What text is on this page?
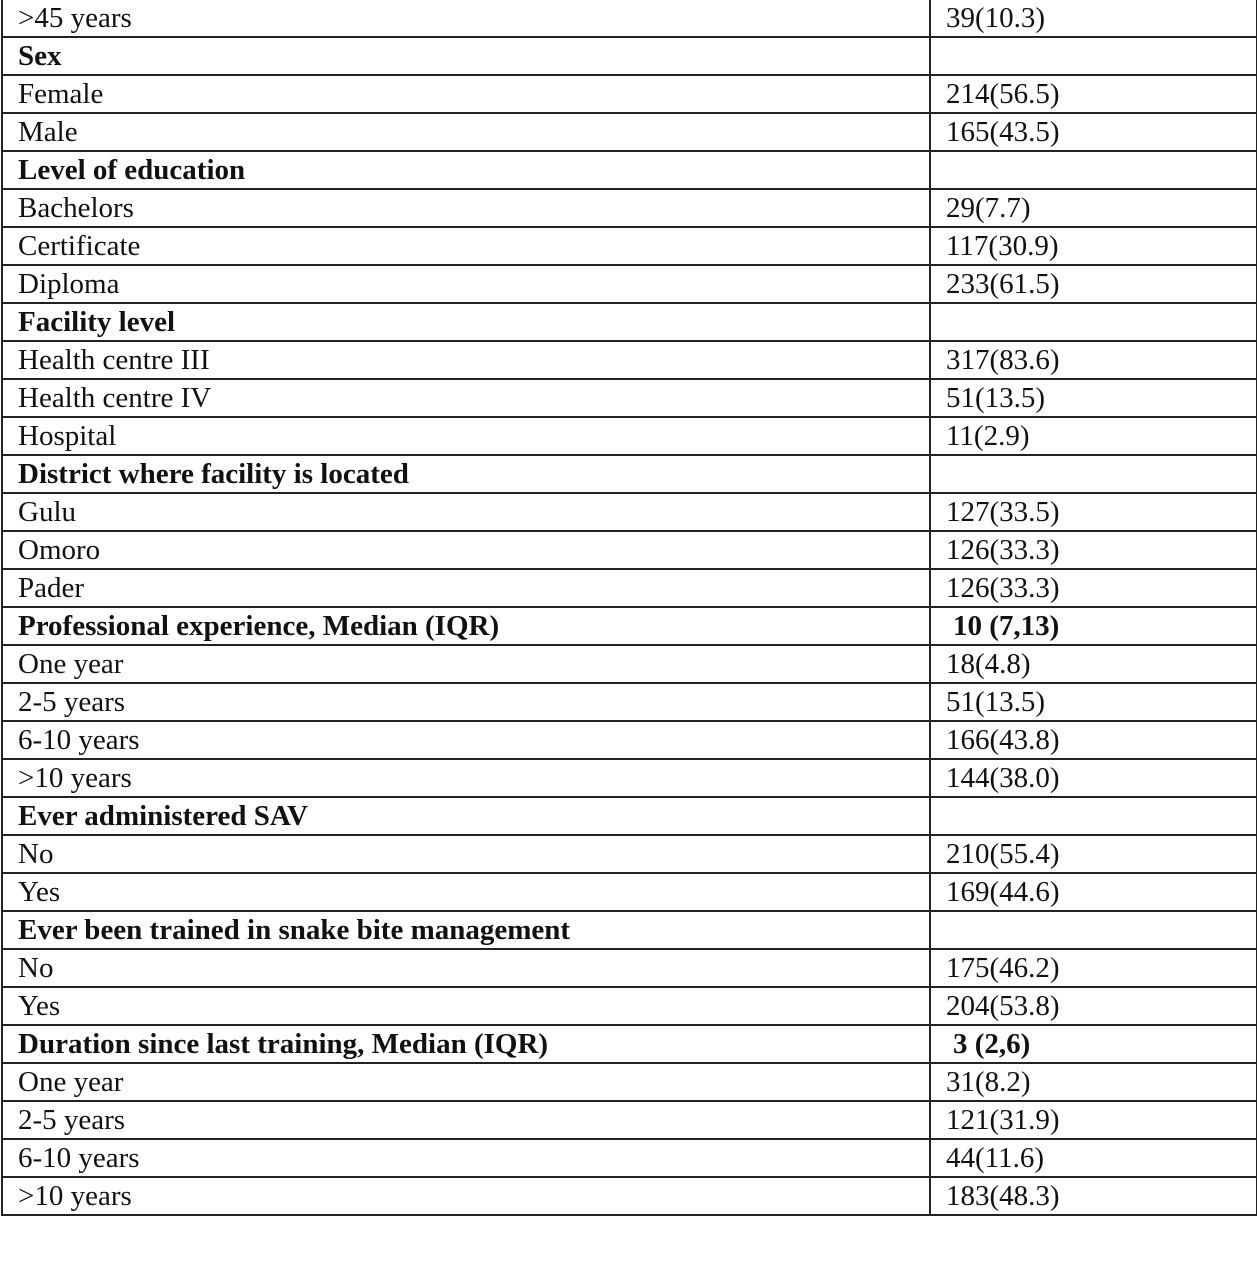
>45 years	39(10.3)
Sex	
Female	214(56.5)
Male	165(43.5)
Level of education	
Bachelors	29(7.7)
Certificate	117(30.9)
Diploma	233(61.5)
Facility level	
Health centre III	317(83.6)
Health centre IV	51(13.5)
Hospital	11(2.9)
District where facility is located	
Gulu	127(33.5)
Omoro	126(33.3)
Pader	126(33.3)
Professional experience, Median (IQR)	10 (7,13)
One year	18(4.8)
2-5 years	51(13.5)
6-10 years	166(43.8)
>10 years	144(38.0)
Ever administered SAV	
No	210(55.4)
Yes	169(44.6)
Ever been trained in snake bite management	
No	175(46.2)
Yes	204(53.8)
Duration since last training, Median (IQR)	3 (2,6)
One year	31(8.2)
2-5 years	121(31.9)
6-10 years	44(11.6)
>10 years	183(48.3)
